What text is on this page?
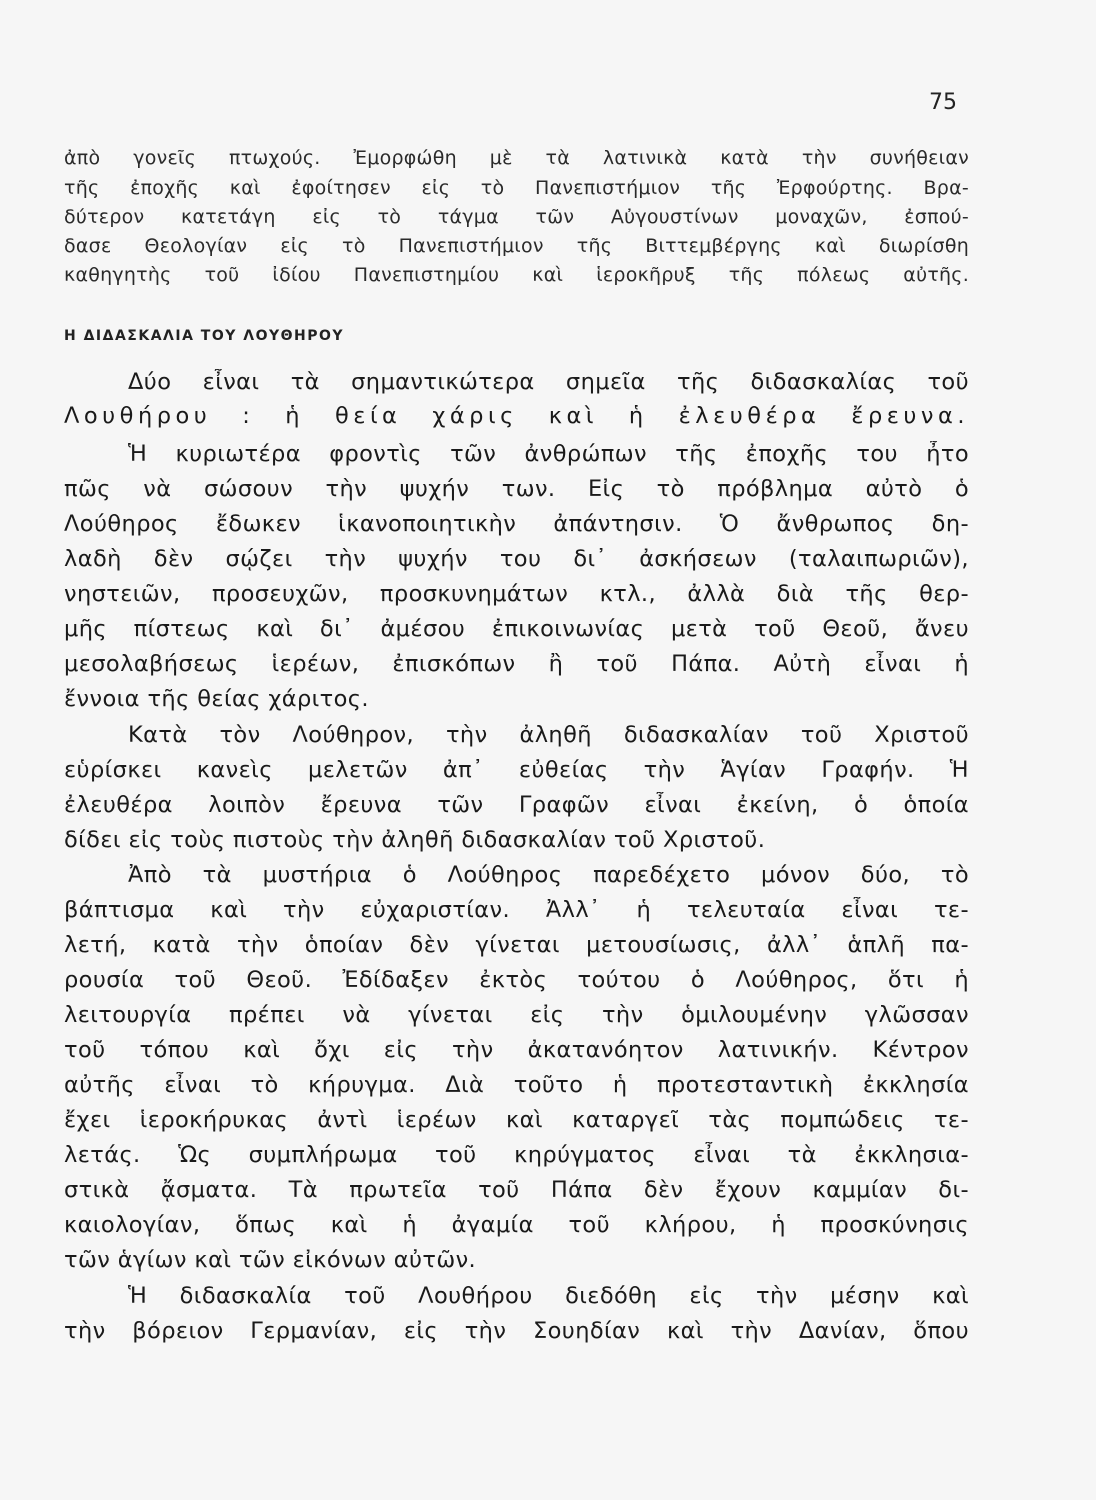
75
ἀπὸ γονεῖς πτωχούς. Ἐμορφώθη μὲ τὰ λατινικὰ κατὰ τὴν συνήθειαν
τῆς ἐποχῆς καὶ ἐφοίτησεν εἰς τὸ Πανεπιστήμιον τῆς Ἐρφούρτης. Βρα-
δύτερον κατετάγη εἰς τὸ τάγμα τῶν Αὐγουστίνων μοναχῶν, ἐσπού-
δασε Θεολογίαν εἰς τὸ Πανεπιστήμιον τῆς Βιττεμβέργης καὶ διωρίσθη
καθηγητὴς τοῦ ἰδίου Πανεπιστημίου καὶ ἱεροκῆρυξ τῆς πόλεως αὐτῆς.
Η ΔΙΔΑΣΚΑΛΙΑ ΤΟΥ ΛΟΥΘΗΡΟΥ
Δύο εἶναι τὰ σημαντικώτερα σημεῖα τῆς διδασκαλίας τοῦ
Λουθήρου : ἡ θεία χάρις καὶ ἡ ἐλευθέρα ἔρευνα.
Ἡ κυριωτέρα φροντὶς τῶν ἀνθρώπων τῆς ἐποχῆς του ἦτο
πῶς νὰ σώσουν τὴν ψυχήν των. Εἰς τὸ πρόβλημα αὐτὸ ὁ
Λούθηρος ἔδωκεν ἱκανοποιητικὴν ἀπάντησιν. Ὁ ἄνθρωπος δη-
λαδὴ δὲν σῴζει τὴν ψυχήν του δι᾿ ἀσκήσεων (ταλαιπωριῶν),
νηστειῶν, προσευχῶν, προσκυνημάτων κτλ., ἀλλὰ διὰ τῆς θερ-
μῆς πίστεως καὶ δι᾿ ἀμέσου ἐπικοινωνίας μετὰ τοῦ Θεοῦ, ἄνευ
μεσολαβήσεως ἱερέων, ἐπισκόπων ἢ τοῦ Πάπα. Αὐτὴ εἶναι ἡ
ἔννοια τῆς θείας χάριτος.
Κατὰ τὸν Λούθηρον, τὴν ἀληθῆ διδασκαλίαν τοῦ Χριστοῦ
εὑρίσκει κανεὶς μελετῶν ἀπ᾿ εὐθείας τὴν Ἁγίαν Γραφήν. Ἡ
ἐλευθέρα λοιπὸν ἔρευνα τῶν Γραφῶν εἶναι ἐκείνη, ὁ ὁποία
δίδει εἰς τοὺς πιστοὺς τὴν ἀληθῆ διδασκαλίαν τοῦ Χριστοῦ.
Ἀπὸ τὰ μυστήρια ὁ Λούθηρος παρεδέχετο μόνον δύο, τὸ
βάπτισμα καὶ τὴν εὐχαριστίαν. Ἀλλ᾿ ἡ τελευταία εἶναι τε-
λετή, κατὰ τὴν ὁποίαν δὲν γίνεται μετουσίωσις, ἀλλ᾿ ἁπλῆ πα-
ρουσία τοῦ Θεοῦ. Ἐδίδαξεν ἐκτὸς τούτου ὁ Λούθηρος, ὅτι ἡ
λειτουργία πρέπει νὰ γίνεται εἰς τὴν ὁμιλουμένην γλῶσσαν
τοῦ τόπου καὶ ὄχι εἰς τὴν ἀκατανόητον λατινικήν. Κέντρον
αὐτῆς εἶναι τὸ κήρυγμα. Διὰ τοῦτο ἡ προτεσταντικὴ ἐκκλησία
ἔχει ἱεροκήρυκας ἀντὶ ἱερέων καὶ καταργεῖ τὰς πομπώδεις τε-
λετάς. Ὡς συμπλήρωμα τοῦ κηρύγματος εἶναι τὰ ἐκκλησια-
στικὰ ᾄσματα. Τὰ πρωτεῖα τοῦ Πάπα δὲν ἔχουν καμμίαν δι-
καιολογίαν, ὅπως καὶ ἡ ἀγαμία τοῦ κλήρου, ἡ προσκύνησις
τῶν ἁγίων καὶ τῶν εἰκόνων αὐτῶν.
Ἡ διδασκαλία τοῦ Λουθήρου διεδόθη εἰς τὴν μέσην καὶ
τὴν βόρειον Γερμανίαν, εἰς τὴν Σουηδίαν καὶ τὴν Δανίαν, ὅπου
